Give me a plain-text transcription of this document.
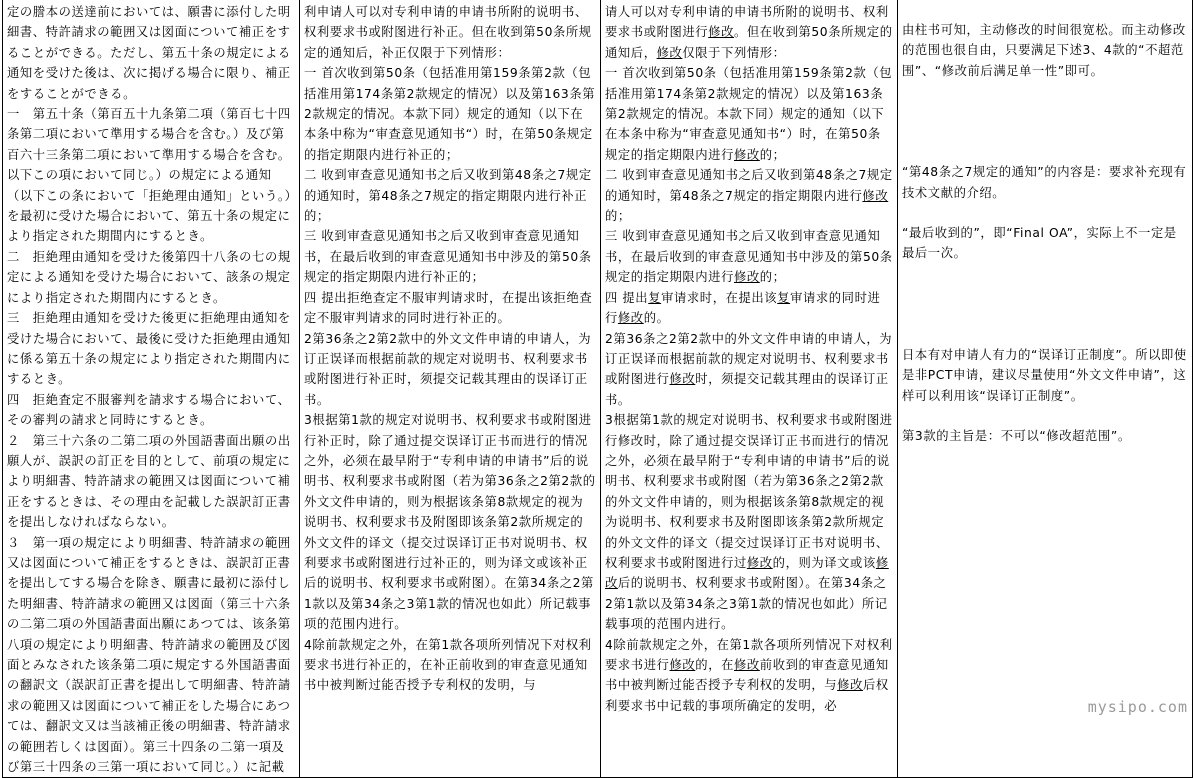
定の謄本の送達前においては、願書に添付した明細書、特許請求の範囲又は図面について補正をすることができる。ただし、第五十条の規定による通知を受けた後は、次に掲げる場合に限り、補正をすることができる。
一　第五十条（第百五十九条第二項（第百七十四条第二項において準用する場合を含む。）及び第百六十三条第二項において準用する場合を含む。以下この項において同じ。）の規定による通知（以下この条において「拒絶理由通知」という。）を最初に受けた場合において、第五十条の規定により指定された期間内にするとき。
二　拒絶理由通知を受けた後第四十八条の七の規定による通知を受けた場合において、該条の規定により指定された期間内にするとき。
三　拒絶理由通知を受けた後更に拒絶理由通知を受けた場合において、最後に受けた拒絶理由通知に係る第五十条の規定により指定された期間内にするとき。
四　拒絶査定不服審判を請求する場合において、その審判の請求と同時にするとき。
２　第三十六条の二第二項の外国語書面出願の出願人が、誤訳の訂正を目的として、前項の規定により明細書、特許請求の範囲又は図面について補正をするときは、その理由を記載した誤訳訂正書を提出しなければならない。
３　第一項の規定により明細書、特許請求の範囲又は図面について補正をするときは、誤訳訂正書を提出してする場合を除き、願書に最初に添付した明細書、特許請求の範囲又は図面（第三十六条の二第二項の外国語書面出願にあつては、该条第八項の規定により明細書、特許請求の範囲及び図面とみなされた该条第二項に規定する外国語書面の翻訳文（誤訳訂正書を提出して明細書、特許請求の範囲又は図面について補正をした場合にあつては、翻訳文又は当該補正後の明細書、特許請求の範囲若しくは図面）。第三十四条の二第一項及び第三十四条の三第一項において同じ。）に記載

利申请人可以对专利申请的申请书所附的说明书、权利要求书或附图进行补正。但在收到第50条所规定的通知后，补正仅限于下列情形：
一 首次收到第50条（包括准用第159条第2款（包括准用第174条第2款规定的情况）以及第163条第2款规定的情况。本款下同）规定的通知（以下在本条中称为“审查意见通知书“）时，在第50条规定的指定期限内进行补正的；
二 收到审查意见通知书之后又收到第48条之7规定的通知时，第48条之7规定的指定期限内进行补正的；
三 收到审查意见通知书之后又收到审查意见通知书，在最后收到的审查意见通知书中涉及的第50条规定的指定期限内进行补正的；
四 提出拒绝查定不服审判请求时，在提出该拒绝查定不服审判请求的同时进行补正的。
2第36条之2第2款中的外文文件申请的申请人，为订正误译而根据前款的规定对说明书、权利要求书或附图进行补正时，须提交记载其理由的误译订正书。
3根据第1款的规定对说明书、权利要求书或附图进行补正时，除了通过提交误译订正书而进行的情况之外，必须在最早附于“专利申请的申请书”后的说明书、权利要求书或附图（若为第36条之2第2款的外文文件申请的，则为根据该条第8款规定的视为说明书、权利要求书及附图即该条第2款所规定的外文文件的译文（提交过误译订正书对说明书、权利要求书或附图进行过补正的，则为译文或该补正后的说明书、权利要求书或附图）。在第34条之2第1款以及第34条之3第1款的情况也如此）所记载事项的范围内进行。
4除前款规定之外，在第1款各项所列情况下对权利要求书进行补正的，在补正前收到的审查意见通知书中被判断过能否授予专利权的发明，与

请人可以对专利申请的申请书所附的说明书、权利要求书或附图进行修改。但在收到第50条所规定的通知后，修改仅限于下列情形：
一 首次收到第50条（包括准用第159条第2款（包括准用第174条第2款规定的情况）以及第163条第2款规定的情况。本款下同）规定的通知（以下在本条中称为“审查意见通知书“）时，在第50条规定的指定期限内进行修改的；
二 收到审查意见通知书之后又收到第48条之7规定的通知时，第48条之7规定的指定期限内进行修改的；
三 收到审查意见通知书之后又收到审查意见通知书，在最后收到的审查意见通知书中涉及的第50条规定的指定期限内进行修改的；
四 提出复审请求时，在提出该复审请求的同时进行修改的。
2第36条之2第2款中的外文文件申请的申请人，为订正误译而根据前款的规定对说明书、权利要求书或附图进行修改时，须提交记载其理由的误译订正书。
3根据第1款的规定对说明书、权利要求书或附图进行修改时，除了通过提交误译订正书而进行的情况之外，必须在最早附于“专利申请的申请书”后的说明书、权利要求书或附图（若为第36条之2第2款的外文文件申请的，则为根据该条第8款规定的视为说明书、权利要求书及附图即该条第2款所规定的外文文件的译文（提交过误译订正书对说明书、权利要求书或附图进行过修改的，则为译文或该修改后的说明书、权利要求书或附图）。在第34条之2第1款以及第34条之3第1款的情况也如此）所记载事项的范围内进行。
4除前款规定之外，在第1款各项所列情况下对权利要求书进行修改的，在修改前收到的审查意见通知书中被判断过能否授予专利权的发明，与修改后权利要求书中记载的事项所确定的发明，必

由柱书可知，主动修改的时间很宽松。而主动修改的范围也很自由，只要满足下述3、4款的“不超范围”、“修改前后满足单一性”即可。
“第48条之7规定的通知”的内容是：要求补充现有技术文献的介绍。
“最后收到的”，即“Final OA”，实际上不一定是最后一次。
日本有对申请人有力的“误译订正制度”。所以即使是非PCT申请，建议尽量使用“外文文件申请”，这样可以利用该“误译订正制度”。
第3款的主旨是：不可以“修改超范围”。
mysipo.com
